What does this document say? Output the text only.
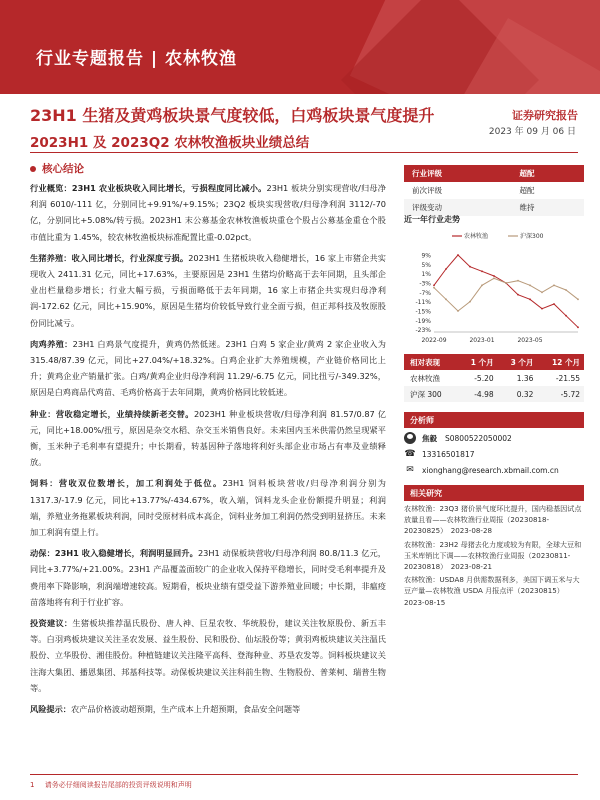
行业专题报告 | 农林牧渔
23H1 生猪及黄鸡板块景气度较低，白鸡板块景气度提升	证券研究报告
2023 年 09 月 06 日
2023H1 及 2023Q2 农林牧渔板块业绩总结
核心结论

行业概览：23H1 农业板块收入同比增长，亏损程度同比减小。23H1 板块分别实现营收/归母净利润 6010/-111 亿，分别同比+9.91%/+9.15%；23Q2 板块实现营收/归母净利润 3112/-70 亿，分别同比+5.08%/转亏损。2023H1 末公募基金农林牧渔板块重仓个股占公募基金重仓个股市值比重为 1.45%，较农林牧渔板块标准配置比重-0.02pct。

生猪养殖：收入同比增长，行业深度亏损。2023H1 生猪板块收入稳健增长，16 家上市猪企共实现收入 2411.31 亿元，同比+17.63%，主要原因是 23H1 生猪均价略高于去年同期，且头部企业出栏量稳步增长；行业大幅亏损，亏损面略低于去年同期，16 家上市猪企共实现归母净利润-172.62 亿元，同比+15.90%，原因是生猪均价较低导致行业全面亏损，但正邦科技及牧原股份同比减亏。

肉鸡养殖：23H1 白鸡景气度提升，黄鸡仍然低迷。23H1 白鸡 5 家企业/黄鸡 2 家企业收入为 315.48/87.39 亿元，同比+27.04%/+18.32%。白鸡企业扩大养殖规模，产业链价格同比上升；黄鸡企业产销量扩张。白鸡/黄鸡企业归母净利润 11.29/-6.75 亿元，同比扭亏/-349.32%，原因是白鸡商品代鸡苗、毛鸡价格高于去年同期，黄鸡价格同比较低迷。

种业：营收稳定增长，业绩持续新老交替。2023H1 种业板块营收/归母净利润 81.57/0.87 亿元，同比+18.00%/扭亏，原因是杂交水稻、杂交玉米销售良好。未来国内玉米供需仍然呈现紧平衡，玉米种子毛利率有望提升；中长期看，转基因种子落地将利好头部企业市场占有率及业绩释放。

饲料：营收双位数增长，加工利润处于低位。23H1 饲料板块营收/归母净利润分别为 1317.3/-17.9 亿元，同比+13.77%/-434.67%，收入端，饲料龙头企业份额提升明显；利润端，养殖业务拖累板块利润，同时受原材料成本高企，饲料业务加工利润仍然受到明显挤压。未来加工利润有望上行。

动保：23H1 收入稳健增长，利润明显回升。23H1 动保板块营收/归母净利润 80.8/11.3 亿元，同比+3.77%/+21.00%。23H1 产品覆盖面较广的企业收入保持平稳增长，同时受毛利率提升及费用率下降影响，利润端增速较高。短期看，板块业绩有望受益下游养殖业回暖；中长期，非瘟疫苗落地将有利于行业扩容。

投资建议：生猪板块推荐温氏股份、唐人神、巨星农牧、华统股份，建议关注牧原股份、新五丰等。白羽鸡板块建议关注圣农发展、益生股份、民和股份、仙坛股份等；黄羽鸡板块建议关注温氏股份、立华股份、湘佳股份。种植链建议关注隆平高科、登海种业、苏垦农发等。饲料板块建议关注海大集团、播恩集团、邦基科技等。动保板块建议关注科前生物、生物股份、普莱柯、瑞普生物等。

风险提示：农产品价格波动超预期，生产成本上升超预期，食品安全问题等

行业评级	超配
前次评级	超配
评级变动	维持
近一年行业走势
-23%
-19%
-15%
-11%
-7%
-3%
1%
5%
9%
2022-09	2023-01	2023-05
农林牧渔	沪深300
相对表现	1 个月	3 个月	12 个月
农林牧渔	-5.20	1.36	-21.55
沪深 300	-4.98	0.32	-5.72
分析师
焦毅 S0800522050002
☎ 13316501817
✉ xionghang@research.xbmail.com.cn
相关研究

农林牧渔：23Q3 猪价景气度环比提升，国内稳基因试点放量且看——农林牧渔行业周报（20230818-20230825）　2023-08-28

农林牧渔：23H2 母猪去化力度或较为有限，全球大豆和玉米库销比下调——农林牧渔行业周报（20230811-20230818）　2023-08-21

农林牧渔：USDA8 月供需数据利多，美国下调玉米与大豆产量—农林牧渔 USDA 月报点评（20230815）　2023-08-15

1 请务必仔细阅读报告尾部的投资评级说明和声明
